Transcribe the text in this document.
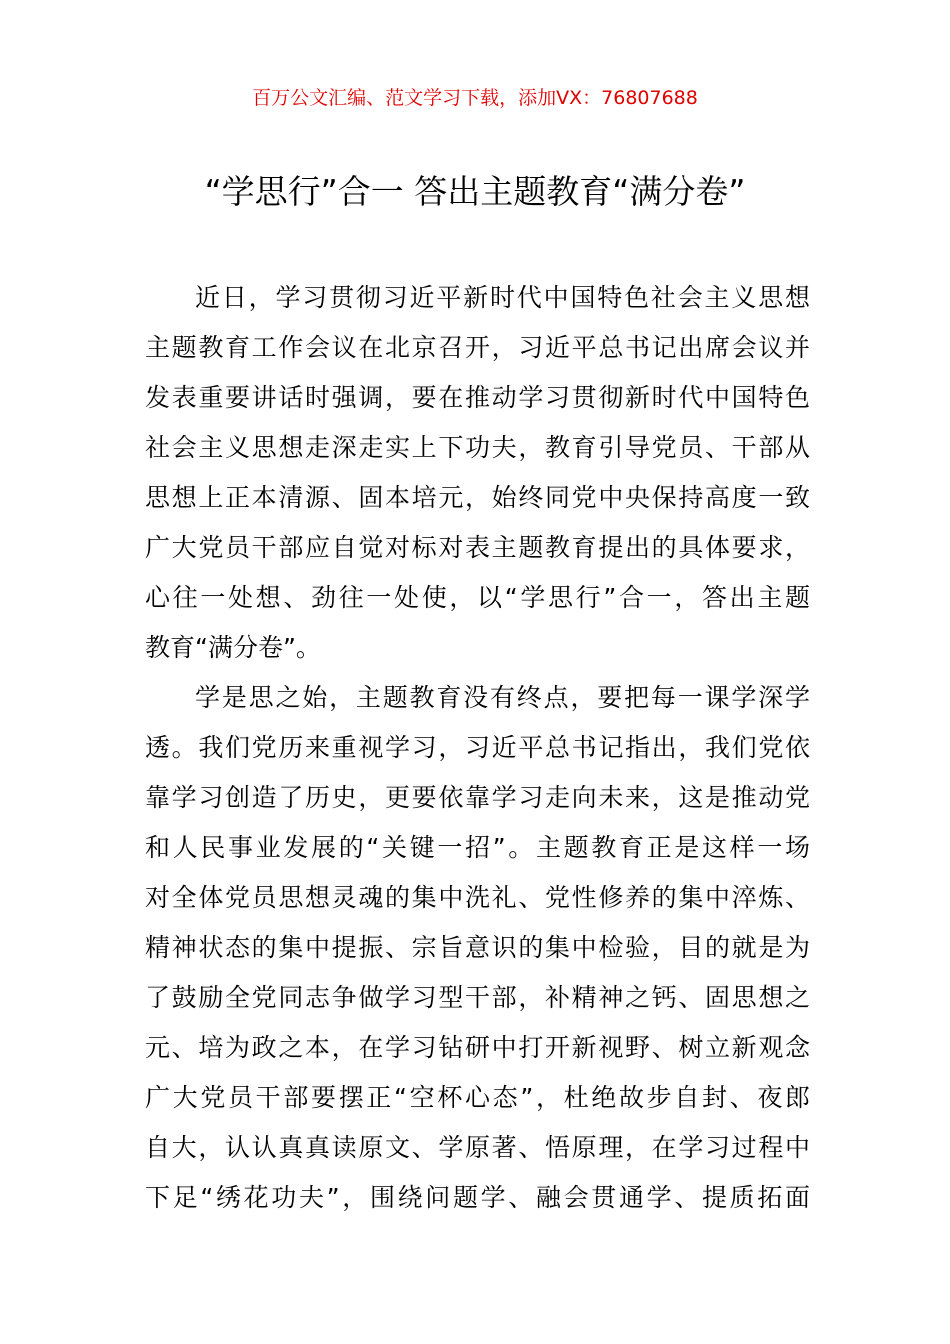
百万公文汇编、范文学习下载，添加VX：76807688
“学思行”合一 答出主题教育“满分卷”
近日，学习贯彻习近平新时代中国特色社会主义思想
主题教育工作会议在北京召开，习近平总书记出席会议并
发表重要讲话时强调，要在推动学习贯彻新时代中国特色
社会主义思想走深走实上下功夫，教育引导党员、干部从
思想上正本清源、固本培元，始终同党中央保持高度一致
广大党员干部应自觉对标对表主题教育提出的具体要求，
心往一处想、劲往一处使，以“学思行”合一，答出主题
教育“满分卷”。
学是思之始，主题教育没有终点，要把每一课学深学
透。我们党历来重视学习，习近平总书记指出，我们党依
靠学习创造了历史，更要依靠学习走向未来，这是推动党
和人民事业发展的“关键一招”。主题教育正是这样一场
对全体党员思想灵魂的集中洗礼、党性修养的集中淬炼、
精神状态的集中提振、宗旨意识的集中检验，目的就是为
了鼓励全党同志争做学习型干部，补精神之钙、固思想之
元、培为政之本，在学习钻研中打开新视野、树立新观念
广大党员干部要摆正“空杯心态”，杜绝故步自封、夜郎
自大，认认真真读原文、学原著、悟原理，在学习过程中
下足“绣花功夫”，围绕问题学、融会贯通学、提质拓面
